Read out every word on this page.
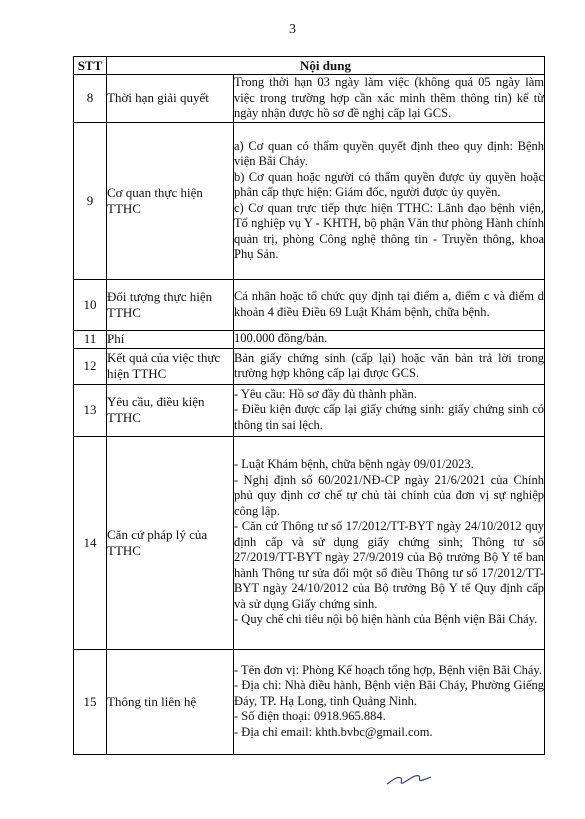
3
STT	Nội dung	
8	Thời hạn giải quyết	Trong thời hạn 03 ngày làm việc (không quá 05 ngày làm việc trong trường hợp cần xác minh thêm thông tin) kể từ ngày nhận được hồ sơ đề nghị cấp lại GCS.

9	Cơ quan thực hiện TTHC	a) Cơ quan có thẩm quyền quyết định theo quy định: Bệnh viện Bãi Cháy.
b) Cơ quan hoặc người có thẩm quyền được ủy quyền hoặc phân cấp thực hiện: Giám đốc, người được ủy quyền.
c) Cơ quan trực tiếp thực hiện TTHC: Lãnh đạo bệnh viện, Tổ nghiệp vụ Y - KHTH, bộ phận Văn thư phòng Hành chính quản trị, phòng Công nghệ thông tin - Truyền thông, khoa Phụ Sản.

10	Đối tượng thực hiện TTHC	Cá nhân hoặc tổ chức quy định tại điểm a, điểm c và điểm d khoản 4 điều Điều 69 Luật Khám bệnh, chữa bệnh.

11	Phí	100.000 đồng/bản.

12	Kết quả của việc thực hiện TTHC	Bản giấy chứng sinh (cấp lại) hoặc văn bản trả lời trong trường hợp không cấp lại được GCS.

13	Yêu cầu, điều kiện TTHC	- Yêu cầu: Hồ sơ đầy đủ thành phần.
- Điều kiện được cấp lại giấy chứng sinh: giấy chứng sinh có thông tin sai lệch.

14	Căn cứ pháp lý của TTHC	- Luật Khám bệnh, chữa bệnh ngày 09/01/2023.
- Nghị định số 60/2021/NĐ-CP ngày 21/6/2021 của Chính phủ quy định cơ chế tự chủ tài chính của đơn vị sự nghiệp công lập.
- Căn cứ Thông tư số 17/2012/TT-BYT ngày 24/10/2012 quy định cấp và sử dụng giấy chứng sinh; Thông tư số 27/2019/TT-BYT ngày 27/9/2019 của Bộ trưởng Bộ Y tế ban hành Thông tư sửa đổi một số điều Thông tư số 17/2012/TT-BYT ngày 24/10/2012 của Bộ trưởng Bộ Y tế Quy định cấp và sử dụng Giấy chứng sinh.
- Quy chế chi tiêu nội bộ hiện hành của Bệnh viện Bãi Cháy.

15	Thông tin liên hệ	- Tên đơn vị: Phòng Kế hoạch tổng hợp, Bệnh viện Bãi Cháy.
- Địa chỉ: Nhà điều hành, Bệnh viện Bãi Cháy, Phường Giếng Đáy, TP. Hạ Long, tỉnh Quảng Ninh.
- Số điện thoại: 0918.965.884.
- Địa chỉ email: khth.bvbc@gmail.com.
